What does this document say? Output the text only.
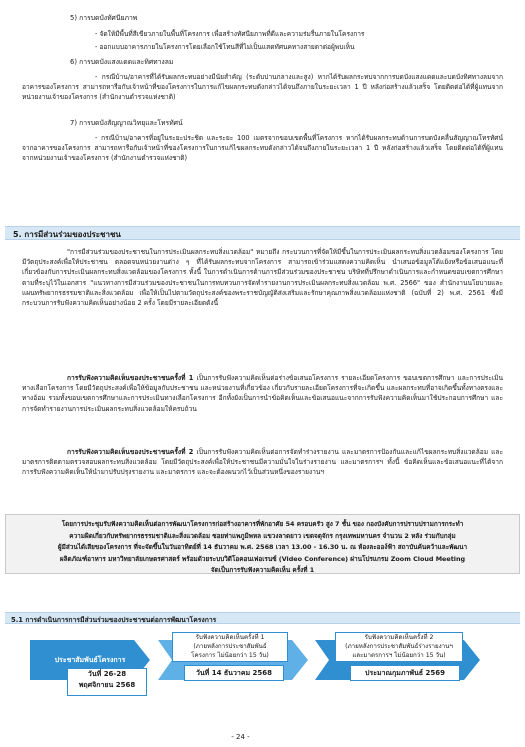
5) การบดบังทัศนียภาพ
- จัดให้มีพื้นที่สีเขียวภายในพื้นที่โครงการ เพื่อสร้างทัศนียภาพที่ดีและความร่มรื่นภายในโครงการ
- ออกแบบอาคารภายในโครงการโดยเลือกใช้โทนสีที่ไม่เป็นแสดทัศนคทางสายตาต่อผู้พบเห็น
6) การบดบังแสงแดดและทิศทางลม
- กรณีบ้าน/อาคารที่ได้รับผลกระทบอย่างมีนัยสำคัญ (ระดับปานกลางและสูง) หากได้รับผลกระทบจากการบดบังแสงแดดและบดบังทิศทางลมจากอาคารของโครงการ สามารถหารือกับเจ้าหน้าที่ของโครงการในการแก้ไขผลกระทบดังกล่าวได้จนถึงภายในระยะเวลา 1 ปี หลังก่อสร้างแล้วเสร็จ โดยติดต่อได้ที่ผู้แทนจากหน่วยงานเจ้าของโครงการ (สำนักงานตำรวจแห่งชาติ)
7) การบดบังสัญญาณวิทยุและโทรทัศน์
- กรณีบ้าน/อาคารที่อยู่ในระยะประชิด และระยะ 100 เมตรจากขอบเขตพื้นที่โครงการ หากได้รับผลกระทบด้านการบดบังคลื่นสัญญาณโทรทัศน์จากอาคารของโครงการ สามารถหารือกับเจ้าหน้าที่ของโครงการในการแก้ไขผลกระทบดังกล่าวได้จนถึงภายในระยะเวลา 1 ปี หลังก่อสร้างแล้วเสร็จ โดยติดต่อได้ที่ผู้แทนจากหน่วยงานเจ้าของโครงการ (สำนักงานตำรวจแห่งชาติ)
5. การมีส่วนร่วมของประชาชน
"การมีส่วนร่วมของประชาชนในการประเมินผลกระทบสิ่งแวดล้อม" หมายถึง กระบวนการที่จัดให้มีขึ้นในการประเมินผลกระทบสิ่งแวดล้อมของโครงการ โดยมีวัตถุประสงค์เพื่อให้ประชาชน ตลอดจนหน่วยงานต่าง ๆ ที่ได้รับผลกระทบจากโครงการ สามารถเข้าร่วมแสดงความคิดเห็น นำเสนอข้อมูลโต้แย้งหรือข้อเสนอแนะที่เกี่ยวข้องกับการประเมินผลกระทบสิ่งแวดล้อมของโครงการ ทั้งนี้ ในการดำเนินการด้านการมีส่วนร่วมของประชาชน บริษัทที่ปรึกษาดำเนินการและกำหนดขอบเขตการศึกษาตามที่ระบุไว้ในเอกสาร "แนวทางการมีส่วนร่วมของประชาชนในการทบทวนการจัดทำรายงานการประเมินผลกระทบสิ่งแวดล้อม พ.ศ. 2566" ของ สำนักงานนโยบายและแผนทรัพยากรธรรมชาติและสิ่งแวดล้อม เพื่อให้เป็นไปตามวัตถุประสงค์ของพระราชบัญญัติส่งเสริมและรักษาคุณภาพสิ่งแวดล้อมแห่งชาติ (ฉบับที่ 2) พ.ศ. 2561 ซึ่งมีกระบวนการรับฟังความคิดเห็นอย่างน้อย 2 ครั้ง โดยมีรายละเอียดดังนี้
การรับฟังความคิดเห็นของประชาชนครั้งที่ 1 เป็นการรับฟังความคิดเห็นต่อร่างข้อเสนอโครงการ รายละเอียดโครงการ ขอบเขตการศึกษา และการประเมินทางเลือกโครงการ โดยมีวัตถุประสงค์เพื่อให้ข้อมูลกับประชาชน และหน่วยงานที่เกี่ยวข้อง เกี่ยวกับรายละเอียดโครงการที่จะเกิดขึ้น และผลกระทบที่อาจเกิดขึ้นทั้งทางตรงและทางอ้อม รวมทั้งขอบเขตการศึกษาและการประเมินทางเลือกโครงการ อีกทั้งยังเป็นการนำข้อคิดเห็นและข้อเสนอแนะจากการรับฟังความคิดเห็นมาใช้ประกอบการศึกษา และการจัดทำรายงานการประเมินผลกระทบสิ่งแวดล้อมให้ครบถ้วน
การรับฟังความคิดเห็นของประชาชนครั้งที่ 2 เป็นการรับฟังความคิดเห็นต่อการจัดทำร่างรายงาน และมาตรการป้องกันและแก้ไขผลกระทบสิ่งแวดล้อม และมาตรการติดตามตรวจสอบผลกระทบสิ่งแวดล้อม โดยมีวัตถุประสงค์เพื่อให้ประชาชนมีความมั่นใจในร่างรายงาน และมาตรการฯ ทั้งนี้ ข้อคิดเห็นและข้อเสนอแนะที่ได้จากการรับฟังความคิดเห็นให้นำมาปรับปรุงรายงาน และมาตรการ และจะต้องผนวกไว้เป็นส่วนหนึ่งของรายงานฯ
โดยการประชุมรับฟังความคิดเห็นต่อการพัฒนาโครงการก่อสร้างอาคารที่พักอาศัย 54 ครอบครัว สูง 7 ชั้น ของ กองบังคับการปราบปรามการกระทำ
ความผิดเกี่ยวกับทรัพยากรธรรมชาติและสิ่งแวดล้อม ซอยท่าแพภูมิพหล แขวงลาดยาว เขตจตุจักร กรุงเทพมหานคร จำนวน 2 หลัง ร่วมกับกลุ่ม
ผู้มีส่วนได้เสียของโครงการ ที่จะจัดขึ้นในวันอาทิตย์ที่ 14 ธันวาคม พ.ศ. 2568 เวลา 13.00 - 16.30 น. ณ ห้องละออง์ฟ้า สถาบันค้นคว้าและพัฒนา
ผลิตภัณฑ์อาหาร มหาวิทยาลัยเกษตรศาสตร์ พร้อมด้วยระบบวิดีโอคอนเฟอเรนซ์ (Video Conference) ผ่านโปรแกรม Zoom Cloud Meeting
จัดเป็นการรับฟังความคิดเห็น ครั้งที่ 1
5.1 การดำเนินการการมีส่วนร่วมของประชาชนต่อการพัฒนาโครงการ
ประชาสัมพันธ์โครงการ
วันที่ 26-28
พฤศจิกายน 2568
รับฟังความคิดเห็นครั้งที่ 1
(ภายหลังการประชาสัมพันธ์
โครงการ ไม่น้อยกว่า 15 วัน)
วันที่ 14 ธันวาคม 2568
รับฟังความคิดเห็นครั้งที่ 2
(ภายหลังการประชาสัมพันธ์ร่างรายงานฯ
และมาตรการฯ ไม่น้อยกว่า 15 วัน)
ประมาณกุมภาพันธ์ 2569
- 24 -
